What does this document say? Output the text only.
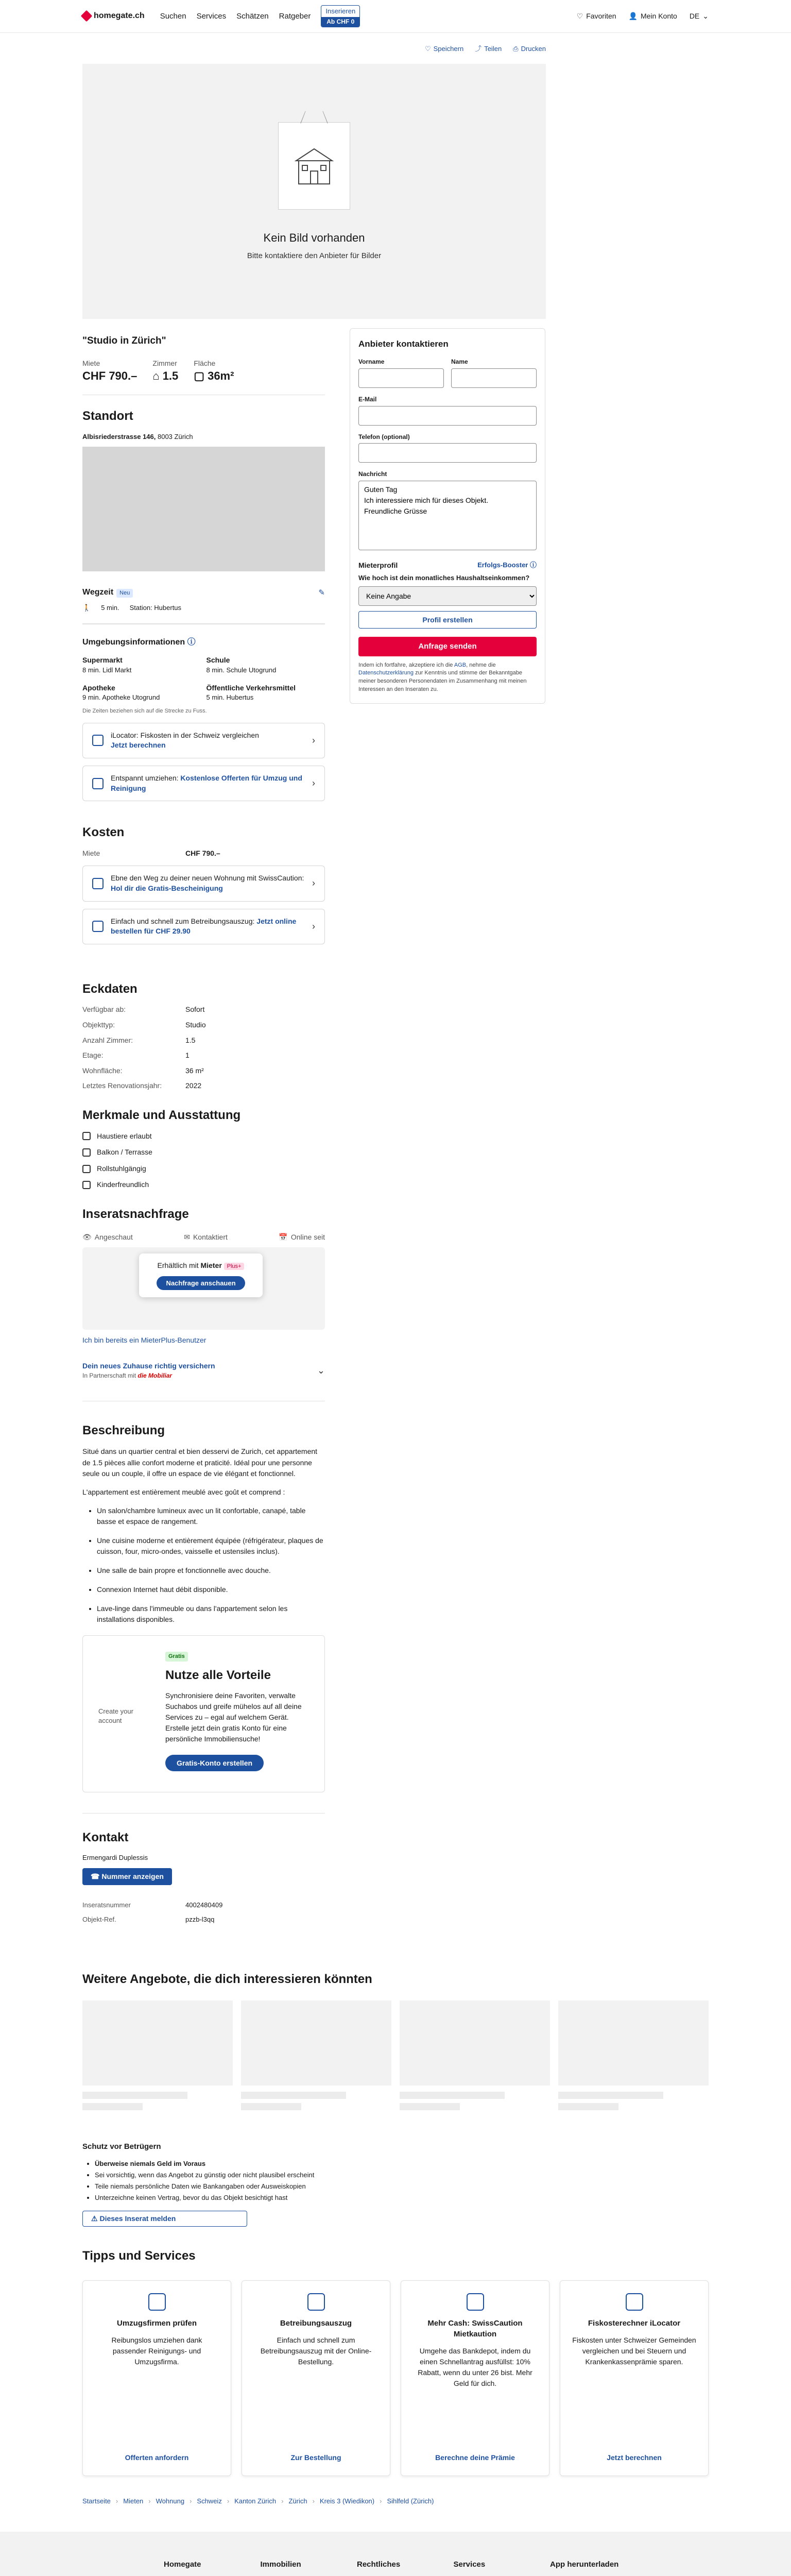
homegate.ch Suchen Services Schätzen Ratgeber
Inserieren
Ab CHF 0
♡ Favoriten 👤 Mein Konto DE ⌄
♡ Speichern ⤴ Teilen ⎙ Drucken
Kein Bild vorhanden
Bitte kontaktiere den Anbieter für Bilder
"Studio in Zürich"
Miete
CHF 790.–
Zimmer
⌂ 1.5
Fläche
▢ 36m²
Standort
Albisriederstrasse 146, 8003 Zürich
Wegzeit Neu	✎
🚶 5 min. Station: Hubertus
Umgebungsinformationen ⓘ
Supermarkt
8 min. Lidl Markt
Schule
8 min. Schule Utogrund
Apotheke
9 min. Apotheke Utogrund
Öffentliche Verkehrsmittel
5 min. Hubertus
Die Zeiten beziehen sich auf die Strecke zu Fuss.
iLocator: Fiskosten in der Schweiz vergleichen
Jetzt berechnen	›
Entspannt umziehen: Kostenlose Offerten für Umzug und Reinigung	›
Kosten
Miete	CHF 790.–
Ebne den Weg zu deiner neuen Wohnung mit SwissCaution: Hol dir die Gratis-Bescheinigung	›
Einfach und schnell zum Betreibungsauszug: Jetzt online bestellen für CHF 29.90	›
Eckdaten
Verfügbar ab:	Sofort
Objekttyp:	Studio
Anzahl Zimmer:	1.5
Etage:	1
Wohnfläche:	36 m²
Letztes Renovationsjahr:	2022
Merkmale und Ausstattung
Haustiere erlaubt
Balkon / Terrasse
Rollstuhlgängig
Kinderfreundlich
Inseratsnachfrage
👁 Angeschaut	✉ Kontaktiert	📅 Online seit
Erhältlich mit Mieter Plus+
Nachfrage anschauen
Ich bin bereits ein MieterPlus-Benutzer
Dein neues Zuhause richtig versichern
In Partnerschaft mit die Mobiliar	⌄
Beschreibung

Situé dans un quartier central et bien desservi de Zurich, cet appartement de 1.5 pièces allie confort moderne et praticité. Idéal pour une personne seule ou un couple, il offre un espace de vie élégant et fonctionnel.

L'appartement est entièrement meublé avec goût et comprend :

• Un salon/chambre lumineux avec un lit confortable, canapé, table basse et espace de rangement.
• Une cuisine moderne et entièrement équipée (réfrigérateur, plaques de cuisson, four, micro-ondes, vaisselle et ustensiles inclus).
• Une salle de bain propre et fonctionnelle avec douche.
• Connexion Internet haut débit disponible.
• Lave-linge dans l'immeuble ou dans l'appartement selon les installations disponibles.
Create your account
Gratis
Nutze alle Vorteile

Synchronisiere deine Favoriten, verwalte Suchabos und greife mühelos auf all deine Services zu – egal auf welchem Gerät. Erstelle jetzt dein gratis Konto für eine persönliche Immobiliensuche!

Gratis-Konto erstellen
Kontakt
Ermengardi Duplessis
☎ Nummer anzeigen
Inseratsnummer	4002480409
Objekt-Ref.	pzzb-l3qq
Anbieter kontaktieren
Vorname	Name
E-Mail
Telefon (optional)
Nachricht
Guten Tag Ich interessiere mich für dieses Objekt. Freundliche Grüsse
Mieterprofil	Erfolgs-Booster ⓘ
Wie hoch ist dein monatliches Haushaltseinkommen?
Keine Angabe
Profil erstellen Anfrage senden
Indem ich fortfahre, akzeptiere ich die AGB, nehme die Datenschutzerklärung zur Kenntnis und stimme der Bekanntgabe meiner besonderen Personendaten im Zusammenhang mit meinen Interessen an den Inseraten zu.
Weitere Angebote, die dich interessieren könnten
Schutz vor Betrügern
• Überweise niemals Geld im Voraus
• Sei vorsichtig, wenn das Angebot zu günstig oder nicht plausibel erscheint
• Teile niemals persönliche Daten wie Bankangaben oder Ausweiskopien
• Unterzeichne keinen Vertrag, bevor du das Objekt besichtigt hast
⚠ Dieses Inserat melden
Tipps und Services
Umzugsfirmen prüfen

Reibungslos umziehen dank passender Reinigungs- und Umzugsfirma.

Offerten anfordern
Betreibungsauszug

Einfach und schnell zum Betreibungsauszug mit der Online-Bestellung.

Zur Bestellung
Mehr Cash: SwissCaution Mietkaution

Umgehe das Bankdepot, indem du einen Schnellantrag ausfüllst: 10% Rabatt, wenn du unter 26 bist. Mehr Geld für dich.

Berechne deine Prämie
Fiskosterechner iLocator

Fiskosten unter Schweizer Gemeinden vergleichen und bei Steuern und Krankenkassenprämie sparen.

Jetzt berechnen
Startseite › Mieten › Wohnung › Schweiz › Kanton Zürich › Zürich › Kreis 3 (Wiedikon) › Sihlfeld (Zürich)
Homegate	Immobilien	Rechtliches	Services	App herunterladen
